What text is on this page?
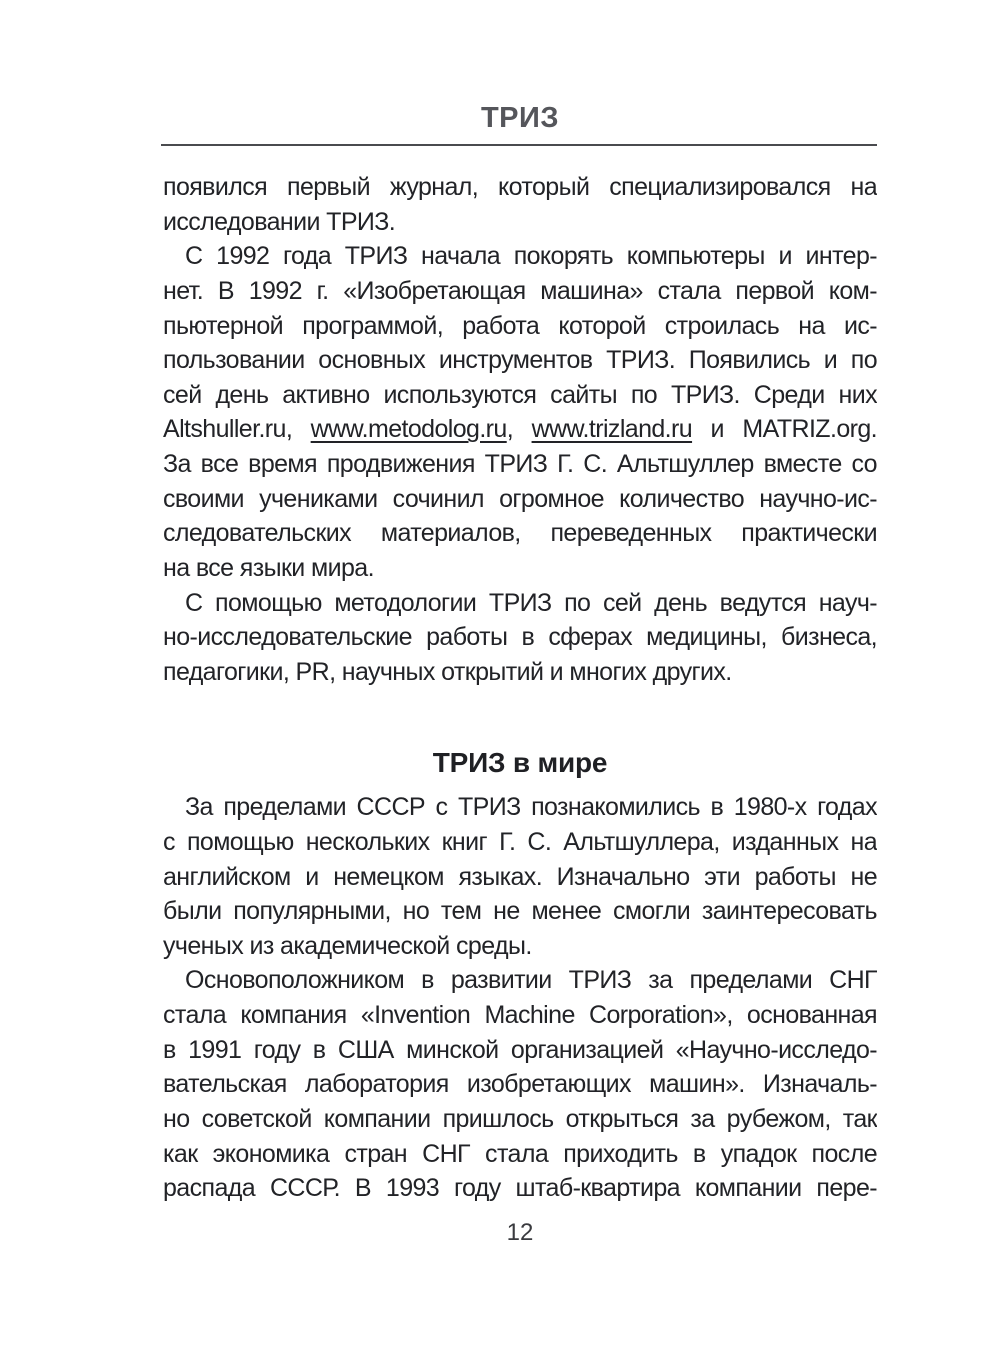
ТРИЗ
появился первый журнал, который специализировался на
исследовании ТРИЗ.
С 1992 года ТРИЗ начала покорять компьютеры и интер-
нет. В 1992 г. «Изобретающая машина» стала первой ком-
пьютерной программой, работа которой строилась на ис-
пользовании основных инструментов ТРИЗ. Появились и по
сей день активно используются сайты по ТРИЗ. Среди них
Altshuller.ru, www.metodolog.ru, www.trizland.ru и MATRIZ.org.
За все время продвижения ТРИЗ Г. С. Альтшуллер вместе со
своими учениками сочинил огромное количество научно-ис-
следовательских материалов, переведенных практически
на все языки мира.
С помощью методологии ТРИЗ по сей день ведутся науч-
но-исследовательские работы в сферах медицины, бизнеса,
педагогики, PR, научных открытий и многих других.
ТРИЗ в мире
За пределами СССР с ТРИЗ познакомились в 1980-х годах
с помощью нескольких книг Г. С. Альтшуллера, изданных на
английском и немецком языках. Изначально эти работы не
были популярными, но тем не менее смогли заинтересовать
ученых из академической среды.
Основоположником в развитии ТРИЗ за пределами СНГ
стала компания «Invention Machine Corporation», основанная
в 1991 году в США минской организацией «Научно-исследо-
вательская лаборатория изобретающих машин». Изначаль-
но советской компании пришлось открыться за рубежом, так
как экономика стран СНГ стала приходить в упадок после
распада СССР. В 1993 году штаб-квартира компании пере-
12
